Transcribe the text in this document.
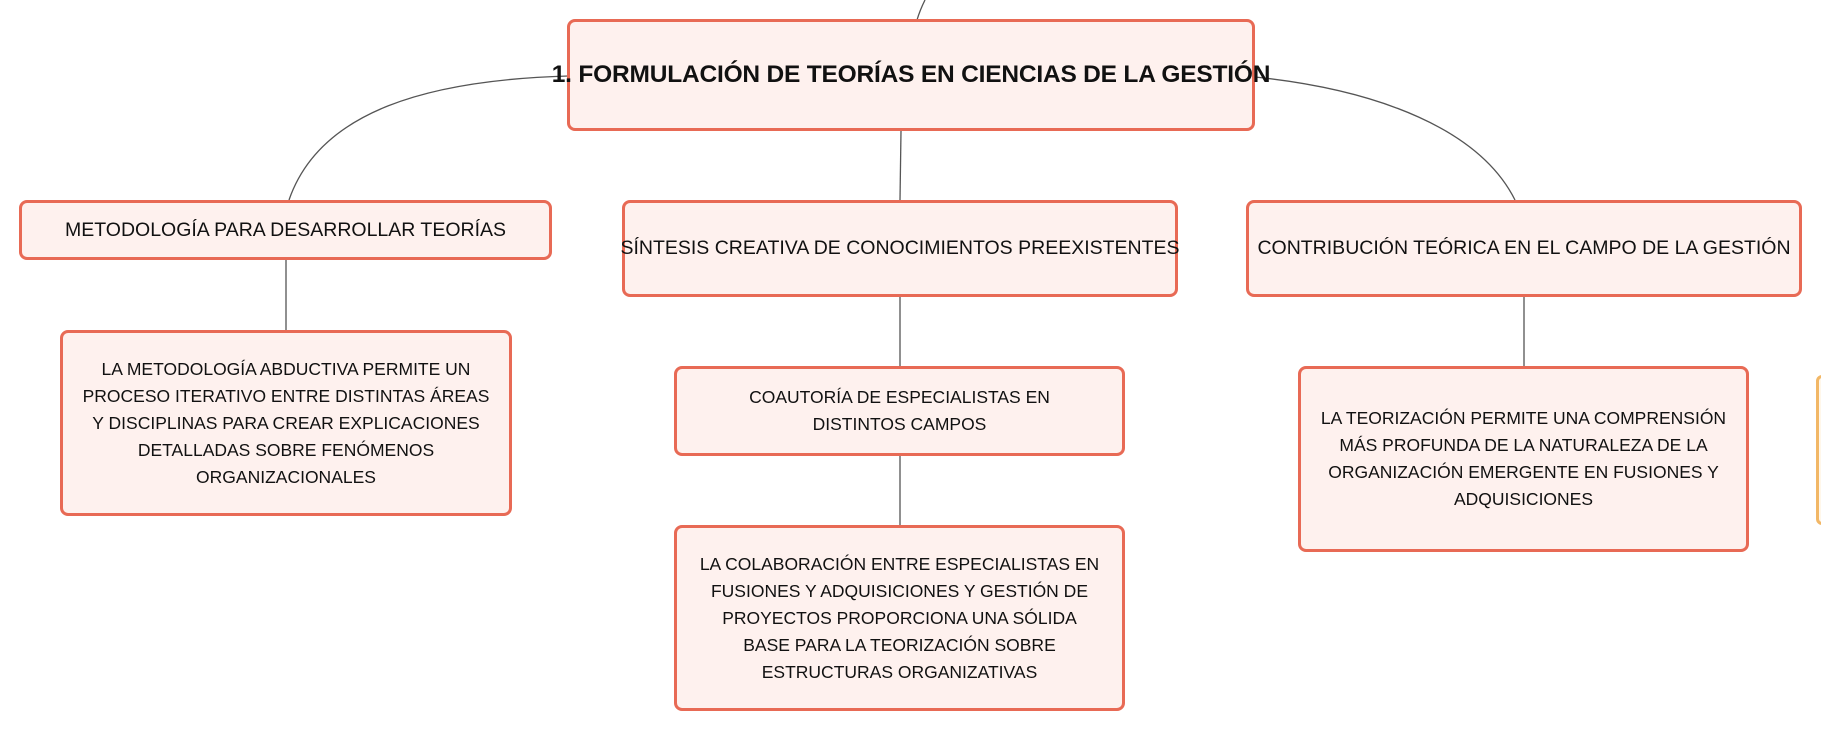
1. FORMULACIÓN DE TEORÍAS EN CIENCIAS DE LA GESTIÓN
METODOLOGÍA PARA DESARROLLAR TEORÍAS
SÍNTESIS CREATIVA DE CONOCIMIENTOS PREEXISTENTES	CONTRIBUCIÓN TEÓRICA EN EL CAMPO DE LA GESTIÓN
LA METODOLOGÍA ABDUCTIVA PERMITE UN PROCESO ITERATIVO ENTRE DISTINTAS ÁREAS Y DISCIPLINAS PARA CREAR EXPLICACIONES DETALLADAS SOBRE FENÓMENOS ORGANIZACIONALES
COAUTORÍA DE ESPECIALISTAS EN DISTINTOS CAMPOS
LA COLABORACIÓN ENTRE ESPECIALISTAS EN FUSIONES Y ADQUISICIONES Y GESTIÓN DE PROYECTOS PROPORCIONA UNA SÓLIDA BASE PARA LA TEORIZACIÓN SOBRE ESTRUCTURAS ORGANIZATIVAS
LA TEORIZACIÓN PERMITE UNA COMPRENSIÓN MÁS PROFUNDA DE LA NATURALEZA DE LA ORGANIZACIÓN EMERGENTE EN FUSIONES Y ADQUISICIONES
